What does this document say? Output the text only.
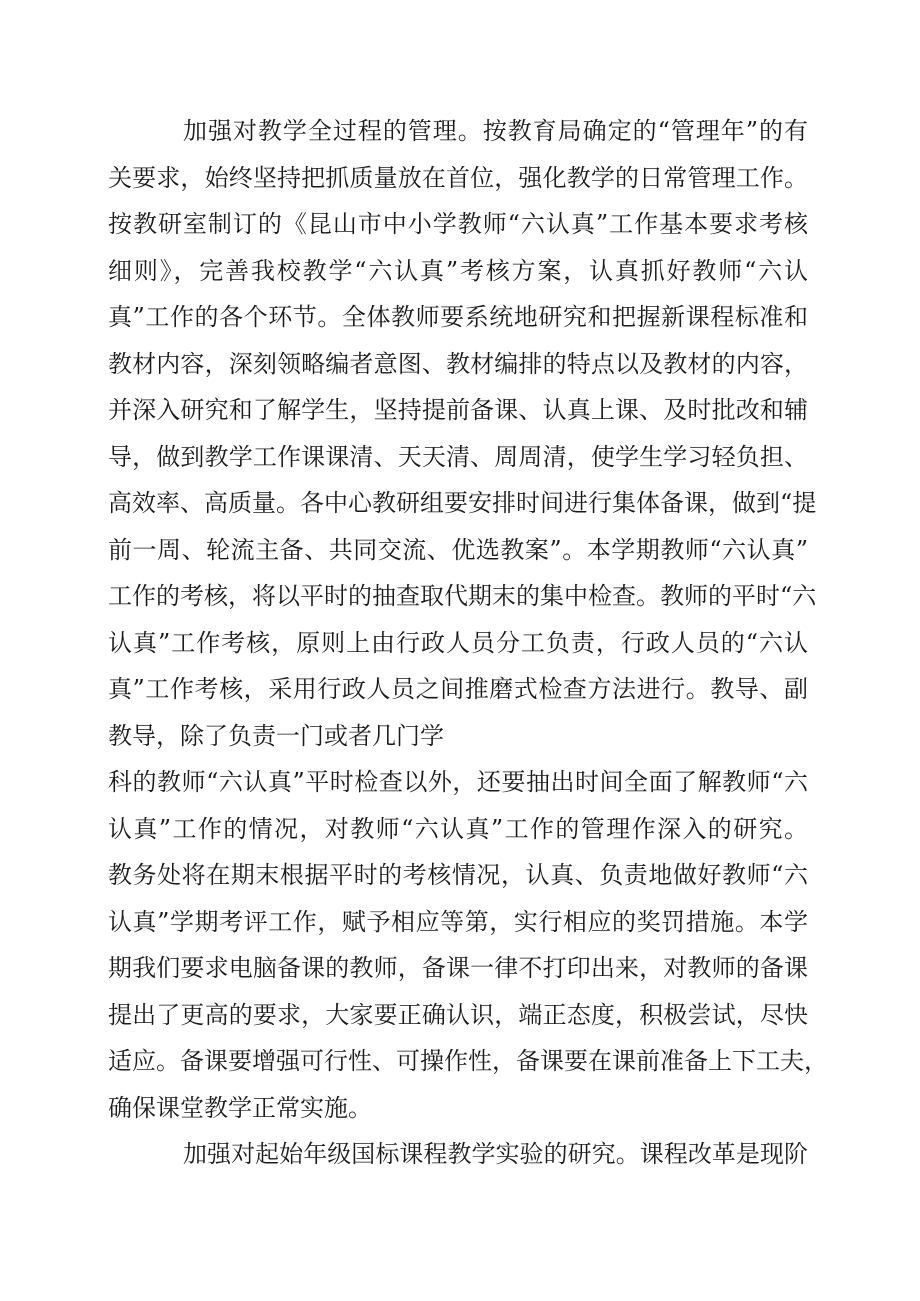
加强对教学全过程的管理。按教育局确定的“管理年”的有
关要求，始终坚持把抓质量放在首位，强化教学的日常管理工作。
按教研室制订的《昆山市中小学教师“六认真”工作基本要求考核
细则》，完善我校教学“六认真”考核方案，认真抓好教师“六认
真”工作的各个环节。全体教师要系统地研究和把握新课程标准和
教材内容，深刻领略编者意图、教材编排的特点以及教材的内容，
并深入研究和了解学生，坚持提前备课、认真上课、及时批改和辅
导，做到教学工作课课清、天天清、周周清，使学生学习轻负担、
高效率、高质量。各中心教研组要安排时间进行集体备课，做到“提
前一周、轮流主备、共同交流、优选教案”。本学期教师“六认真”
工作的考核，将以平时的抽查取代期末的集中检查。教师的平时“六
认真”工作考核，原则上由行政人员分工负责，行政人员的“六认
真”工作考核，采用行政人员之间推磨式检查方法进行。教导、副
教导，除了负责一门或者几门学
科的教师“六认真”平时检查以外，还要抽出时间全面了解教师“六
认真”工作的情况，对教师“六认真”工作的管理作深入的研究。
教务处将在期末根据平时的考核情况，认真、负责地做好教师“六
认真”学期考评工作，赋予相应等第，实行相应的奖罚措施。本学
期我们要求电脑备课的教师，备课一律不打印出来，对教师的备课
提出了更高的要求，大家要正确认识，端正态度，积极尝试，尽快
适应。备课要增强可行性、可操作性，备课要在课前准备上下工夫，
确保课堂教学正常实施。
加强对起始年级国标课程教学实验的研究。课程改革是现阶
